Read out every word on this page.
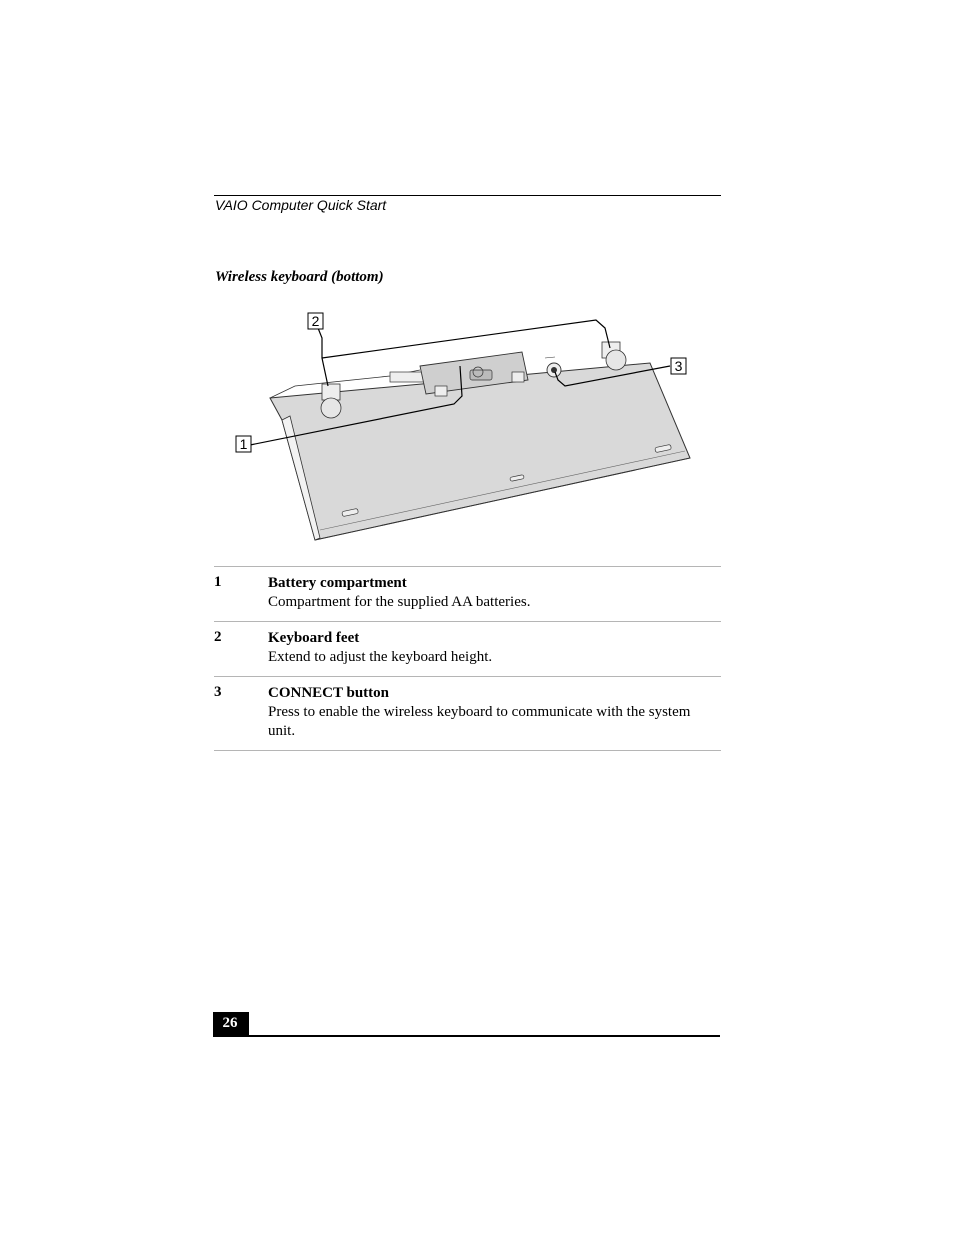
VAIO Computer Quick Start
Wireless keyboard (bottom)
1
2
3
1	Battery compartment
Compartment for the supplied AA batteries.
2	Keyboard feet
Extend to adjust the keyboard height.
3	CONNECT button
Press to enable the wireless keyboard to communicate with the system unit.
26
